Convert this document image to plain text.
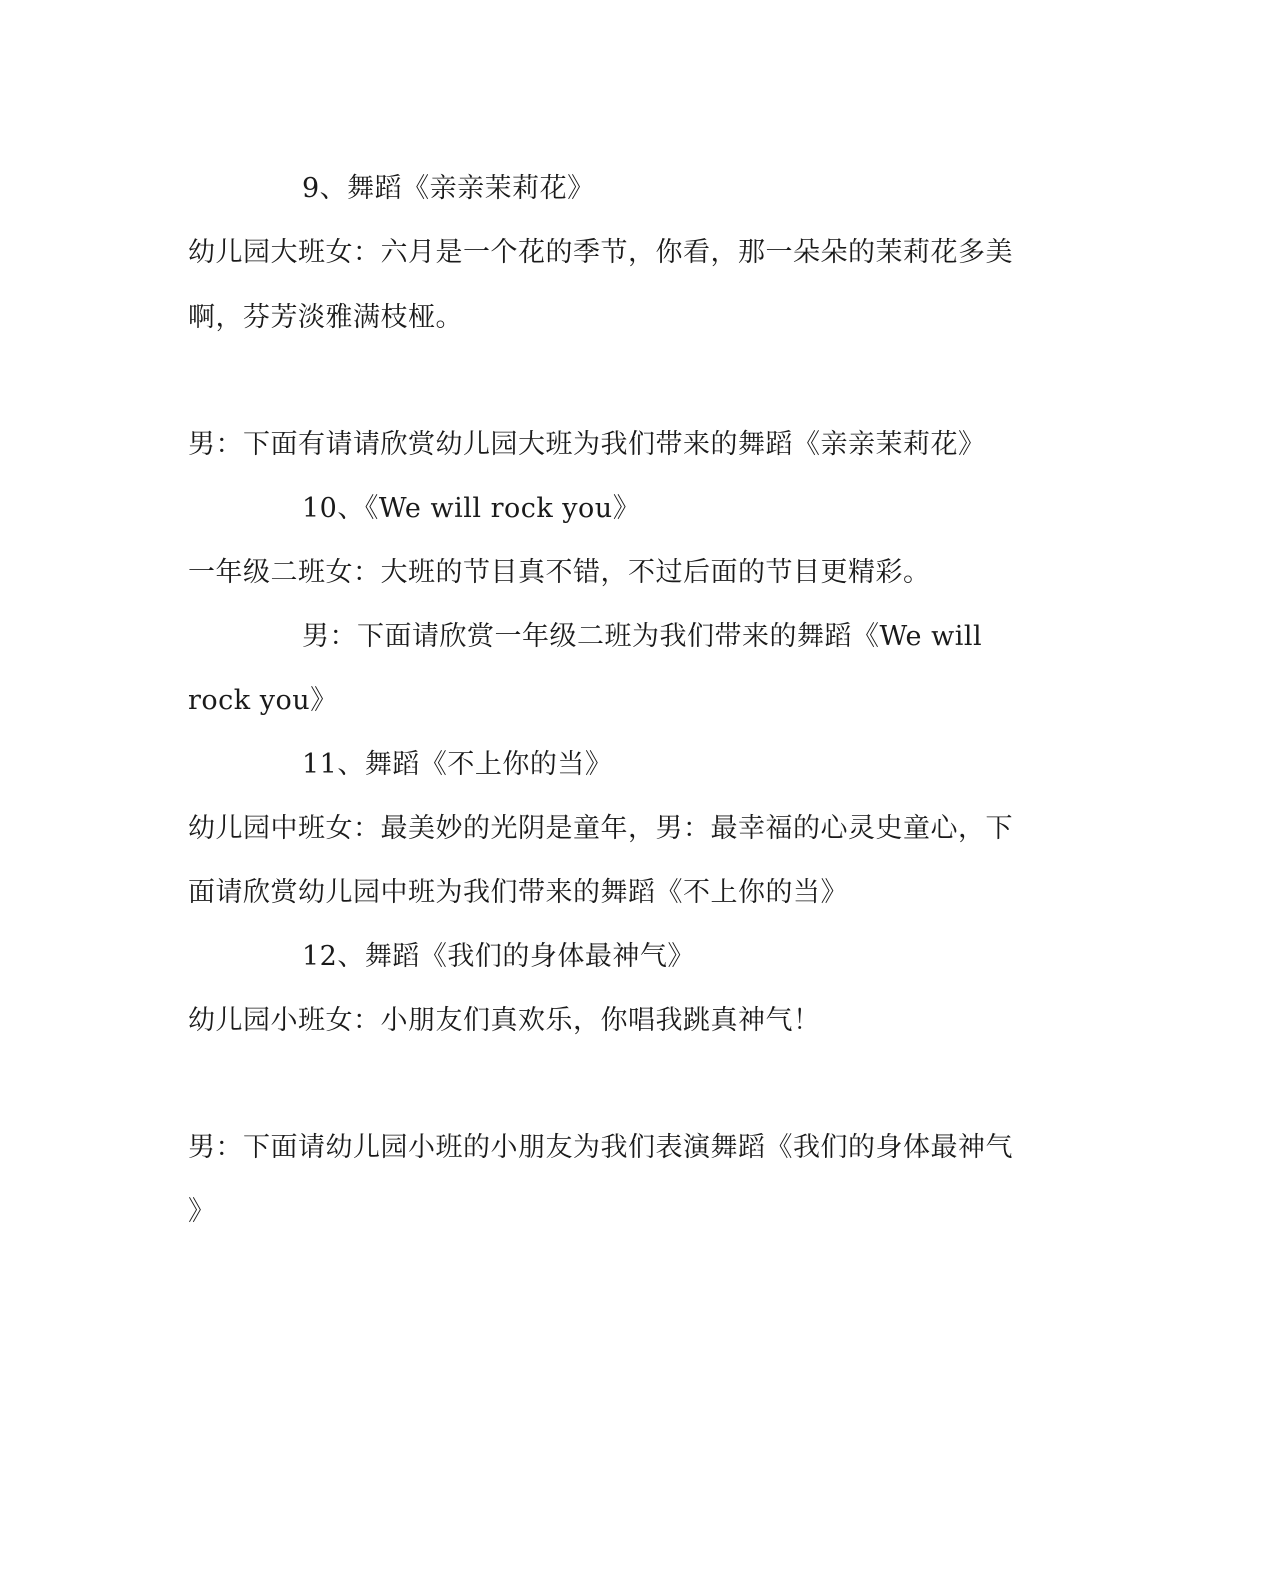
9、舞蹈《亲亲茉莉花》
幼儿园大班女：六月是一个花的季节，你看，那一朵朵的茉莉花多美
啊，芬芳淡雅满枝桠。
男：下面有请请欣赏幼儿园大班为我们带来的舞蹈《亲亲茉莉花》
10、《We will rock you》
一年级二班女：大班的节目真不错，不过后面的节目更精彩。
男：下面请欣赏一年级二班为我们带来的舞蹈《We will
rock you》
11、舞蹈《不上你的当》
幼儿园中班女：最美妙的光阴是童年，男：最幸福的心灵史童心，下
面请欣赏幼儿园中班为我们带来的舞蹈《不上你的当》
12、舞蹈《我们的身体最神气》
幼儿园小班女：小朋友们真欢乐，你唱我跳真神气！
男：下面请幼儿园小班的小朋友为我们表演舞蹈《我们的身体最神气
》
